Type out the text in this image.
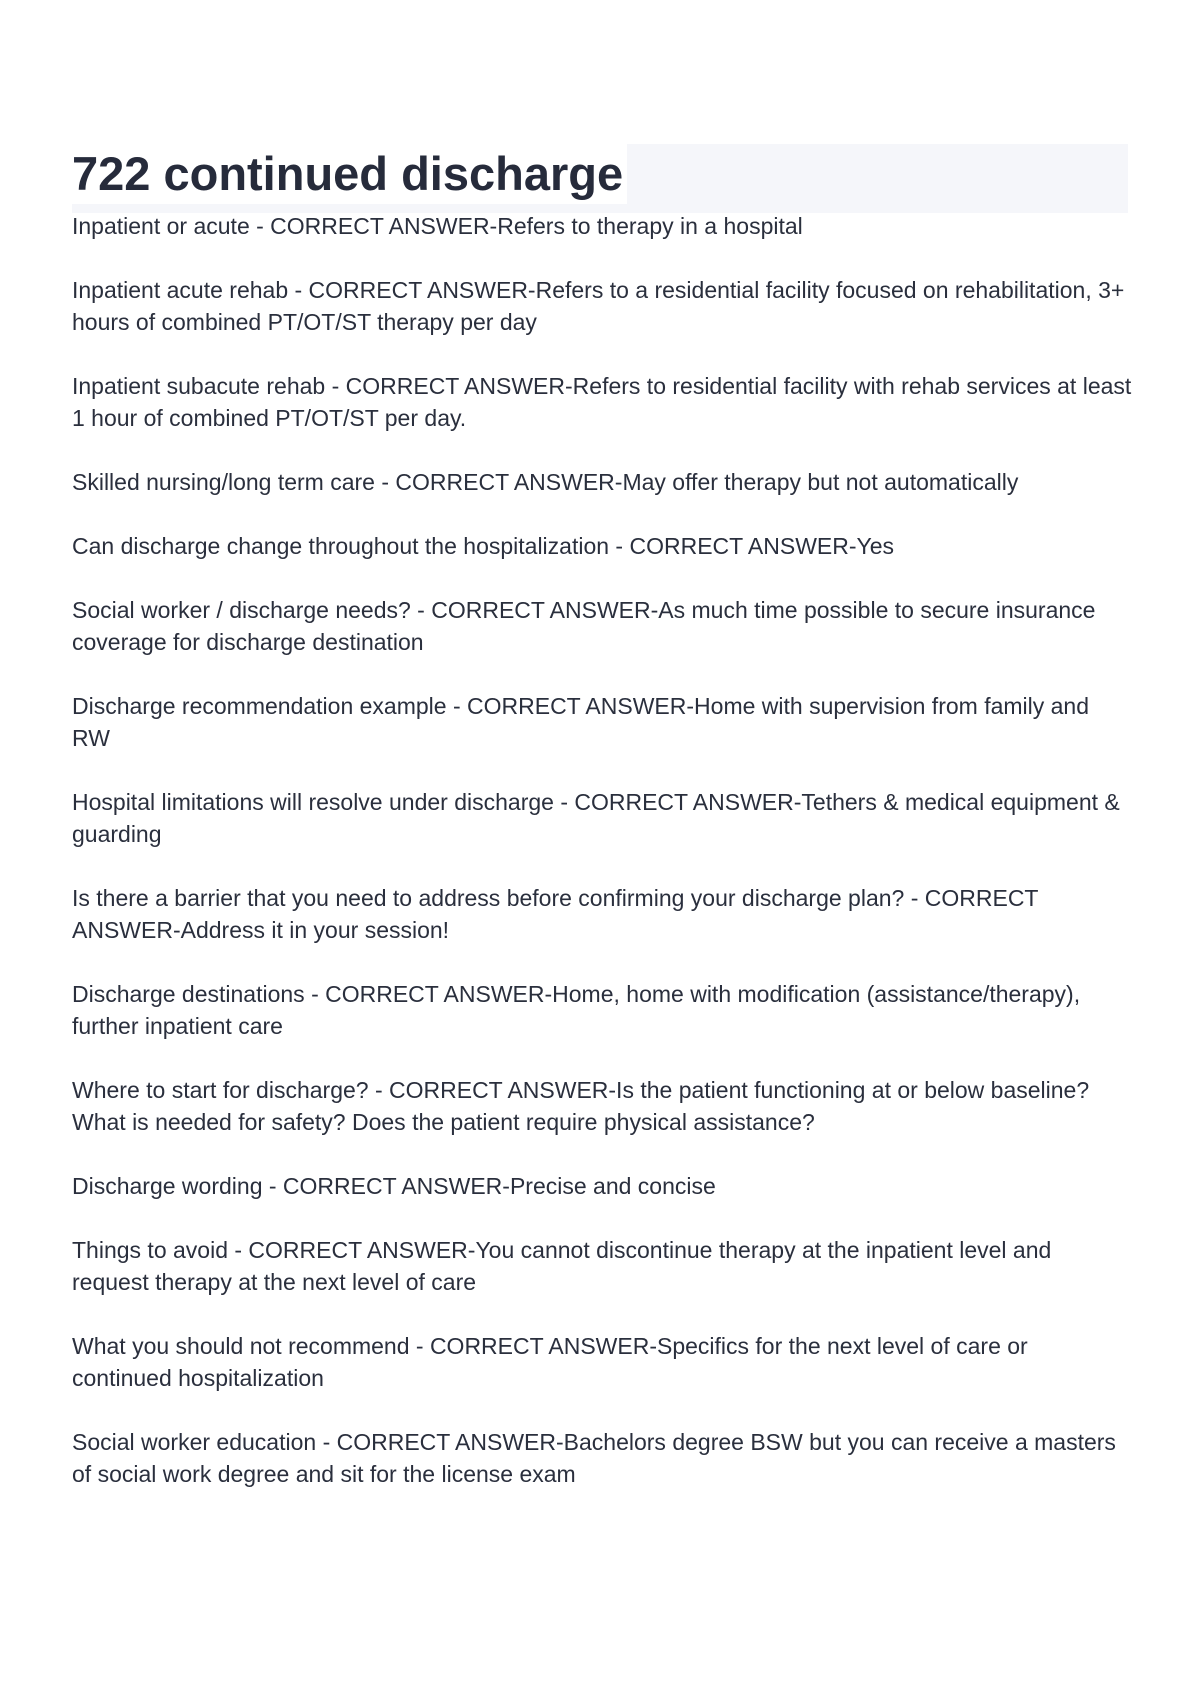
722 continued discharge
Inpatient or acute - CORRECT ANSWER-Refers to therapy in a hospital
Inpatient acute rehab - CORRECT ANSWER-Refers to a residential facility focused on rehabilitation, 3+ hours of combined PT/OT/ST therapy per day
Inpatient subacute rehab - CORRECT ANSWER-Refers to residential facility with rehab services at least 1 hour of combined PT/OT/ST per day.
Skilled nursing/long term care - CORRECT ANSWER-May offer therapy but not automatically
Can discharge change throughout the hospitalization - CORRECT ANSWER-Yes
Social worker / discharge needs? - CORRECT ANSWER-As much time possible to secure insurance coverage for discharge destination
Discharge recommendation example - CORRECT ANSWER-Home with supervision from family and RW
Hospital limitations will resolve under discharge - CORRECT ANSWER-Tethers & medical equipment & guarding
Is there a barrier that you need to address before confirming your discharge plan? - CORRECT ANSWER-Address it in your session!
Discharge destinations - CORRECT ANSWER-Home, home with modification (assistance/therapy), further inpatient care
Where to start for discharge? - CORRECT ANSWER-Is the patient functioning at or below baseline? What is needed for safety? Does the patient require physical assistance?
Discharge wording - CORRECT ANSWER-Precise and concise
Things to avoid - CORRECT ANSWER-You cannot discontinue therapy at the inpatient level and request therapy at the next level of care
What you should not recommend - CORRECT ANSWER-Specifics for the next level of care or continued hospitalization
Social worker education - CORRECT ANSWER-Bachelors degree BSW but you can receive a masters of social work degree and sit for the license exam
